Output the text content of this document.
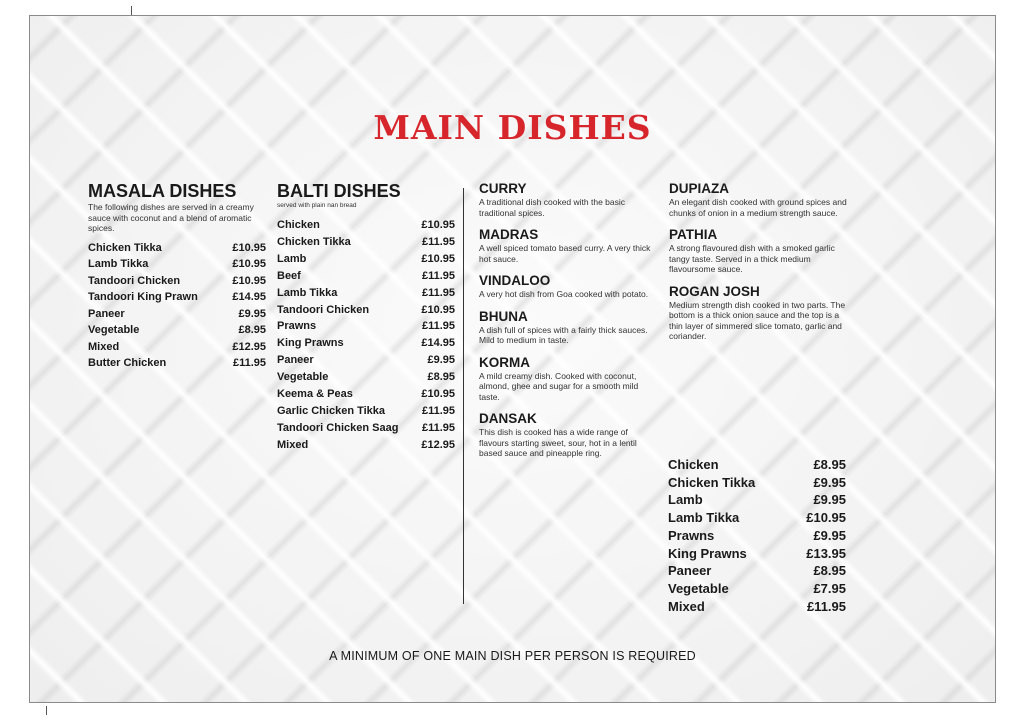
MAIN DISHES
MASALA DISHES
The following dishes are served in a creamy sauce with coconut and a blend of aromatic spices.
Chicken Tikka	£10.95
Lamb Tikka	£10.95
Tandoori Chicken	£10.95
Tandoori King Prawn	£14.95
Paneer	£9.95
Vegetable	£8.95
Mixed	£12.95
Butter Chicken	£11.95
BALTI DISHES
served with plain nan bread
Chicken	£10.95
Chicken Tikka	£11.95
Lamb	£10.95
Beef	£11.95
Lamb Tikka	£11.95
Tandoori Chicken	£10.95
Prawns	£11.95
King Prawns	£14.95
Paneer	£9.95
Vegetable	£8.95
Keema & Peas	£10.95
Garlic Chicken Tikka	£11.95
Tandoori Chicken Saag £11.95
Mixed	£12.95
CURRY
A traditional dish cooked with the basic traditional spices.
MADRAS
A well spiced tomato based curry. A very thick hot sauce.
VINDALOO
A very hot dish from Goa cooked with potato.
BHUNA
A dish full of spices with a fairly thick sauces. Mild to medium in taste.
KORMA
A mild creamy dish. Cooked with coconut, almond, ghee and sugar for a smooth mild taste.
DANSAK
This dish is cooked has a wide range of flavours starting sweet, sour, hot in a lentil based sauce and pineapple ring.
DUPIAZA
An elegant dish cooked with ground spices and chunks of onion in a medium strength sauce.
PATHIA
A strong flavoured dish with a smoked garlic tangy taste. Served in a thick medium flavoursome sauce.
ROGAN JOSH
Medium strength dish cooked in two parts. The bottom is a thick onion sauce and the top is a thin layer of simmered slice tomato, garlic and coriander.
Chicken	£8.95
Chicken Tikka	£9.95
Lamb	£9.95
Lamb Tikka	£10.95
Prawns	£9.95
King Prawns	£13.95
Paneer	£8.95
Vegetable	£7.95
Mixed	£11.95
A MINIMUM OF ONE MAIN DISH PER PERSON IS REQUIRED
